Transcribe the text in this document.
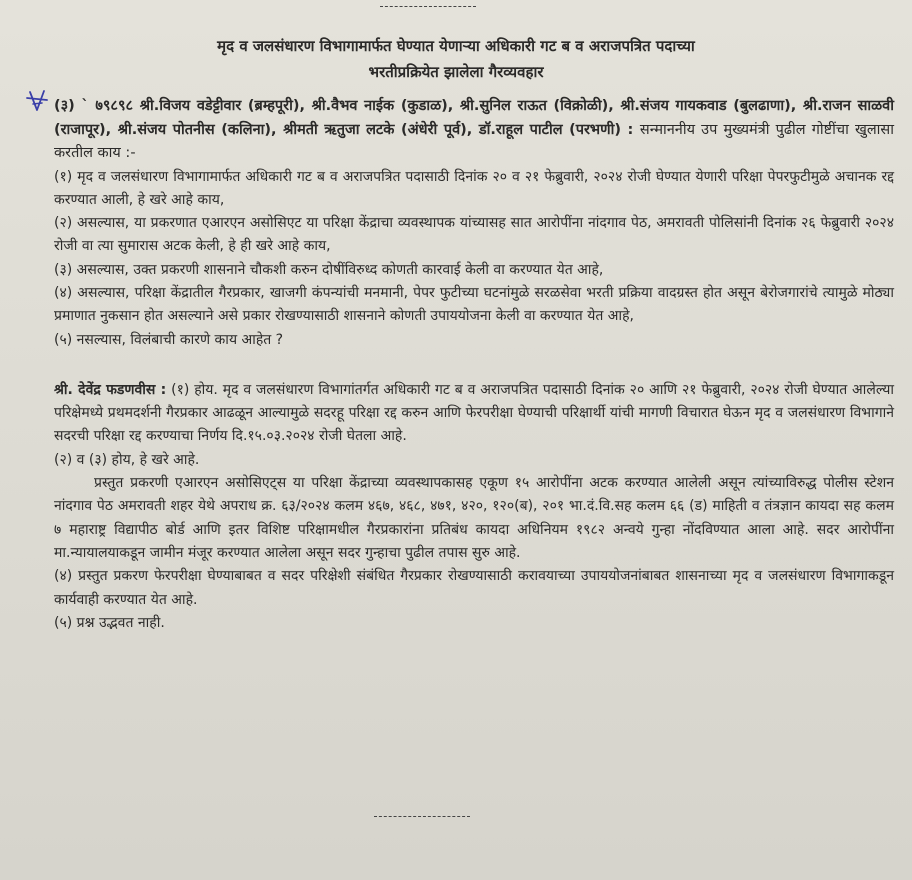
मृद व जलसंधारण विभागामार्फत घेण्यात येणाऱ्या अधिकारी गट ब व अराजपत्रित पदाच्या
भरतीप्रक्रियेत झालेला गैरव्यवहार

(३) ` ७९८९८ श्री.विजय वडेट्टीवार (ब्रम्हपूरी), श्री.वैभव नाईक (कुडाळ), श्री.सुनिल राऊत (विक्रोळी), श्री.संजय गायकवाड (बुलढाणा), श्री.राजन साळवी (राजापूर), श्री.संजय पोतनीस (कलिना), श्रीमती ऋतुजा लटके (अंधेरी पूर्व), डॉ.राहूल पाटील (परभणी) : सन्माननीय उप मुख्यमंत्री पुढील गोष्टींचा खुलासा करतील काय :-

(१) मृद व जलसंधारण विभागामार्फत अधिकारी गट ब व अराजपत्रित पदासाठी दिनांक २० व २१ फेब्रुवारी, २०२४ रोजी घेण्यात येणारी परिक्षा पेपरफुटीमुळे अचानक रद्द करण्यात आली, हे खरे आहे काय,

(२) असल्यास, या प्रकरणात एआरएन असोसिएट या परिक्षा केंद्राचा व्यवस्थापक यांच्यासह सात आरोपींना नांदगाव पेठ, अमरावती पोलिसांनी दिनांक २६ फेब्रुवारी २०२४ रोजी वा त्या सुमारास अटक केली, हे ही खरे आहे काय,

(३) असल्यास, उक्त प्रकरणी शासनाने चौकशी करुन दोषींविरुध्द कोणती कारवाई केली वा करण्यात येत आहे,

(४) असल्यास, परिक्षा केंद्रातील गैरप्रकार, खाजगी कंपन्यांची मनमानी, पेपर फुटीच्या घटनांमुळे सरळसेवा भरती प्रक्रिया वादग्रस्त होत असून बेरोजगारांचे त्यामुळे मोठ्या प्रमाणात नुकसान होत असल्याने असे प्रकार रोखण्यासाठी शासनाने कोणती उपाययोजना केली वा करण्यात येत आहे,

(५) नसल्यास, विलंबाची कारणे काय आहेत ?

श्री. देवेंद्र फडणवीस : (१) होय. मृद व जलसंधारण विभागांतर्गत अधिकारी गट ब व अराजपत्रित पदासाठी दिनांक २० आणि २१ फेब्रुवारी, २०२४ रोजी घेण्यात आलेल्या परिक्षेमध्ये प्रथमदर्शनी गैरप्रकार आढळून आल्यामुळे सदरहू परिक्षा रद्द करुन आणि फेरपरीक्षा घेण्याची परिक्षार्थी यांची मागणी विचारात घेऊन मृद व जलसंधारण विभागाने सदरची परिक्षा रद्द करण्याचा निर्णय दि.१५.०३.२०२४ रोजी घेतला आहे.

(२) व (३) होय, हे खरे आहे.

प्रस्तुत प्रकरणी एआरएन असोसिएट्स या परिक्षा केंद्राच्या व्यवस्थापकासह एकूण १५ आरोपींना अटक करण्यात आलेली असून त्यांच्याविरुद्ध पोलीस स्टेशन नांदगाव पेठ अमरावती शहर येथे अपराध क्र. ६३/२०२४ कलम ४६७, ४६८, ४७१, ४२०, १२०(ब), २०१ भा.दं.वि.सह कलम ६६ (ड) माहिती व तंत्रज्ञान कायदा सह कलम ७ महाराष्ट्र विद्यापीठ बोर्ड आणि इतर विशिष्ट परिक्षामधील गैरप्रकारांना प्रतिबंध कायदा अधिनियम १९८२ अन्वये गुन्हा नोंदविण्यात आला आहे. सदर आरोपींना मा.न्यायालयाकडून जामीन मंजूर करण्यात आलेला असून सदर गुन्हाचा पुढील तपास सुरु आहे.

(४) प्रस्तुत प्रकरण फेरपरीक्षा घेण्याबाबत व सदर परिक्षेशी संबंधित गैरप्रकार रोखण्यासाठी करावयाच्या उपाययोजनांबाबत शासनाच्या मृद व जलसंधारण विभागाकडून कार्यवाही करण्यात येत आहे.

(५) प्रश्न उद्भवत नाही.
